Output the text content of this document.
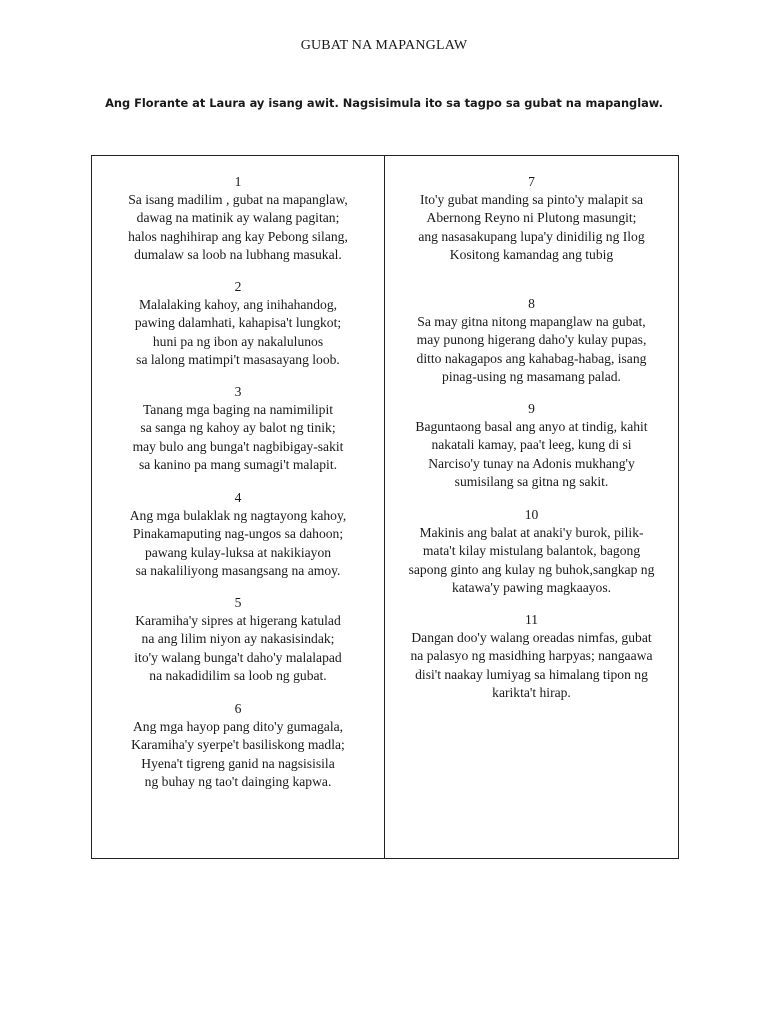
GUBAT NA MAPANGLAW
Ang Florante at Laura ay isang awit. Nagsisimula ito sa tagpo sa gubat na mapanglaw.
1
Sa isang madilim , gubat na mapanglaw,
dawag na matinik ay walang pagitan;
halos naghihirap ang kay Pebong silang,
dumalaw sa loob na lubhang masukal.
2
Malalaking kahoy, ang inihahandog,
pawing dalamhati, kahapisa't lungkot;
huni pa ng ibon ay nakalulunos
sa lalong matimpi't masasayang loob.
3
Tanang mga baging na namimilipit
sa sanga ng kahoy ay balot ng tinik;
may bulo ang bunga't nagbibigay-sakit
sa kanino pa mang sumagi't malapit.
4
Ang mga bulaklak ng nagtayong kahoy,
Pinakamaputing nag-ungos sa dahoon;
pawang kulay-luksa at nakikiayon
sa nakaliliyong masangsang na amoy.
5
Karamiha'y sipres at higerang katulad
na ang lilim niyon ay nakasisindak;
ito'y walang bunga't daho'y malalapad
na nakadidilim sa loob ng gubat.
6
Ang mga hayop pang dito'y gumagala,
Karamiha'y syerpe't basiliskong madla;
Hyena't tigreng ganid na nagsisisila
ng buhay ng tao't dainging kapwa.
7
Ito'y gubat manding sa pinto'y malapit sa
Abernong Reyno ni Plutong masungit;
ang nasasakupang lupa'y dinidilig ng Ilog
Kositong kamandag ang tubig
8
Sa may gitna nitong mapanglaw na gubat,
may punong higerang daho'y kulay pupas,
ditto nakagapos ang kahabag-habag, isang
pinag-using ng masamang palad.
9
Baguntaong basal ang anyo at tindig, kahit
nakatali kamay, paa't leeg, kung di si
Narciso'y tunay na Adonis mukhang'y
sumisilang sa gitna ng sakit.
10
Makinis ang balat at anaki'y burok, pilik-
mata't kilay mistulang balantok, bagong
sapong ginto ang kulay ng buhok,sangkap ng
katawa'y pawing magkaayos.
11
Dangan doo'y walang oreadas nimfas, gubat
na palasyo ng masidhing harpyas; nangaawa
disi't naakay lumiyag sa himalang tipon ng
karikta't hirap.
